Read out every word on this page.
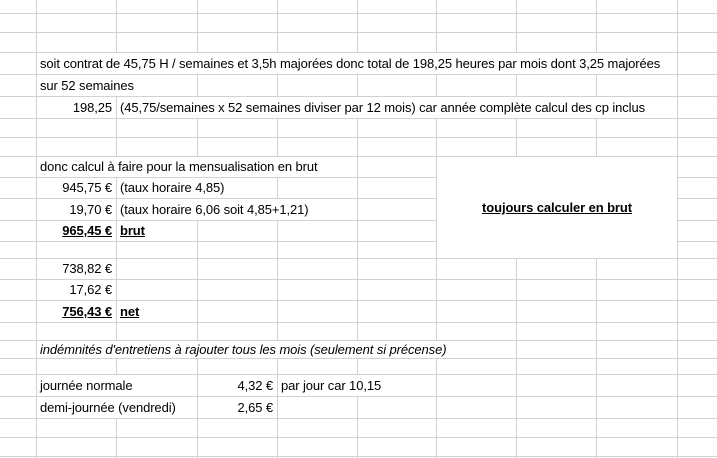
toujours calculer en brut
soit contrat de 45,75 H / semaines et 3,5h majorées donc total de 198,25 heures par mois dont 3,25 majorées
sur 52 semaines
198,25 (45,75/semaines x 52 semaines diviser par 12 mois) car année complète calcul des cp inclus
donc calcul à faire pour la mensualisation en brut
945,75 € (taux horaire 4,85)
19,70 € (taux horaire 6,06 soit 4,85+1,21)
965,45 € brut
738,82 €
17,62 €
756,43 € net
indémnités d'entretiens à rajouter tous les mois (seulement si précense)
journée normale	4,32 € par jour car 10,15
demi-journée (vendredi)	2,65 €
